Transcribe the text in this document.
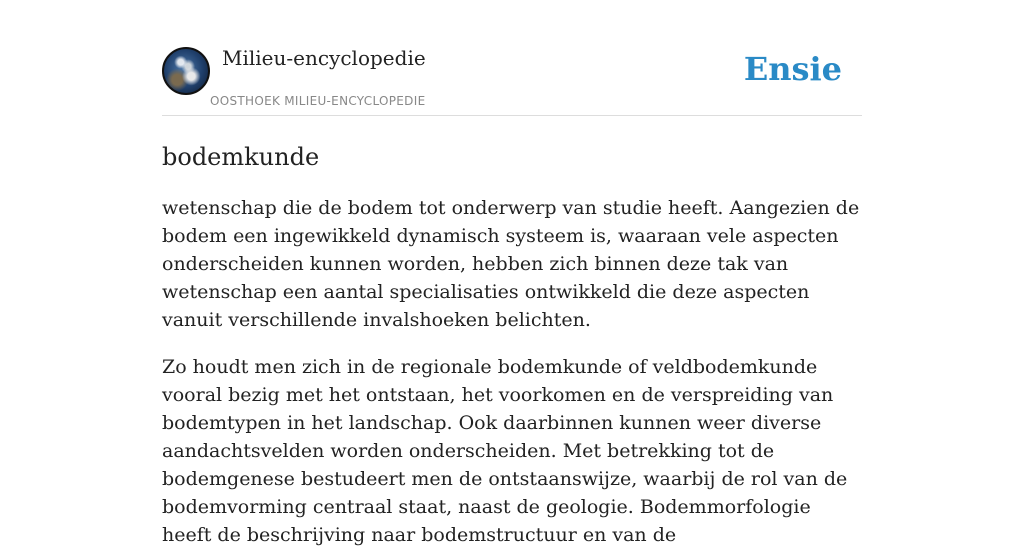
Milieu-encyclopedie
OOSTHOEK MILIEU-ENCYCLOPEDIE
Ensie
bodemkunde

wetenschap die de bodem tot onderwerp van studie heeft. Aangezien de bodem een ingewikkeld dynamisch systeem is, waaraan vele aspecten onderscheiden kunnen worden, hebben zich binnen deze tak van wetenschap een aantal specialisaties ontwikkeld die deze aspecten vanuit verschillende invalshoeken belichten.

Zo houdt men zich in de regionale bodemkunde of veldbodemkunde vooral bezig met het ontstaan, het voorkomen en de verspreiding van bodemtypen in het landschap. Ook daarbinnen kunnen weer diverse aandachtsvelden worden onderscheiden. Met betrekking tot de bodemgenese bestudeert men de ontstaanswijze, waarbij de rol van de bodemvorming centraal staat, naast de geologie. Bodemmorfologie heeft de beschrijving naar bodemstructuur en van de
